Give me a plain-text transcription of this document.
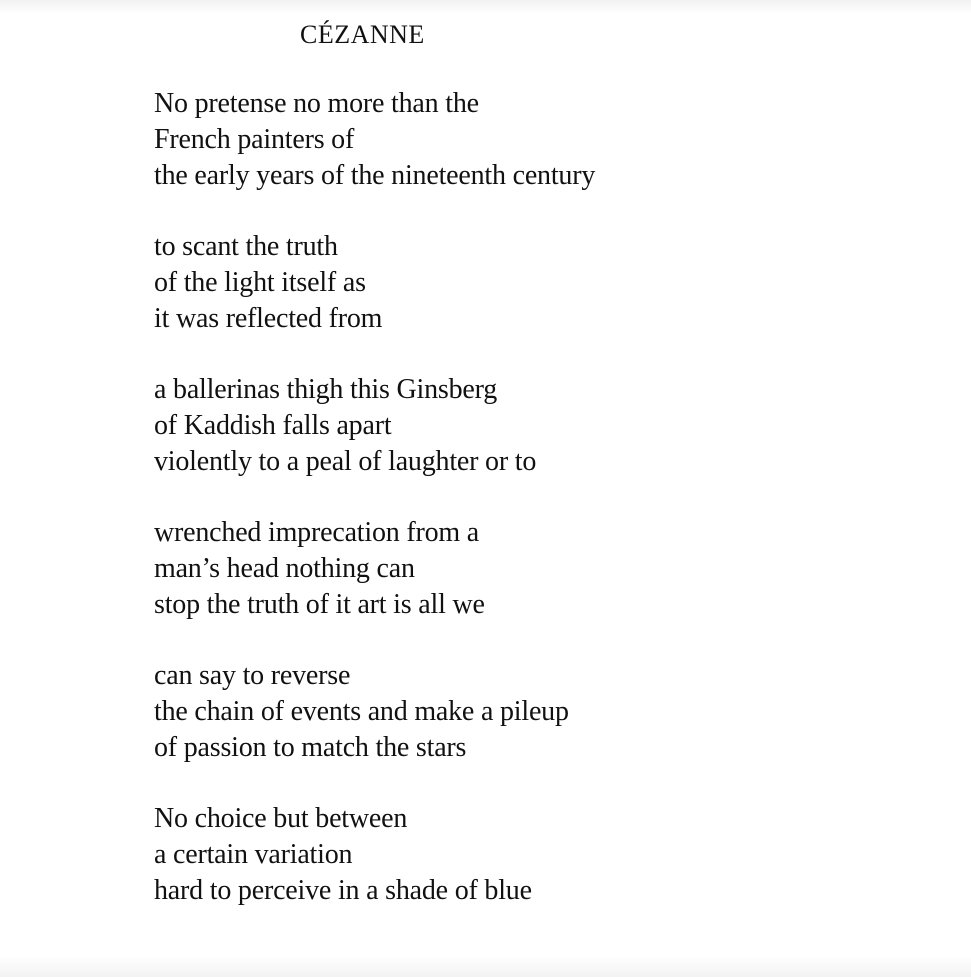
CÉZANNE
No pretense no more than the
French painters of
the early years of the nineteenth century
to scant the truth
of the light itself as
it was reflected from
a ballerinas thigh this Ginsberg
of Kaddish falls apart
violently to a peal of laughter or to
wrenched imprecation from a
man’s head nothing can
stop the truth of it art is all we
can say to reverse
the chain of events and make a pileup
of passion to match the stars
No choice but between
a certain variation
hard to perceive in a shade of blue
